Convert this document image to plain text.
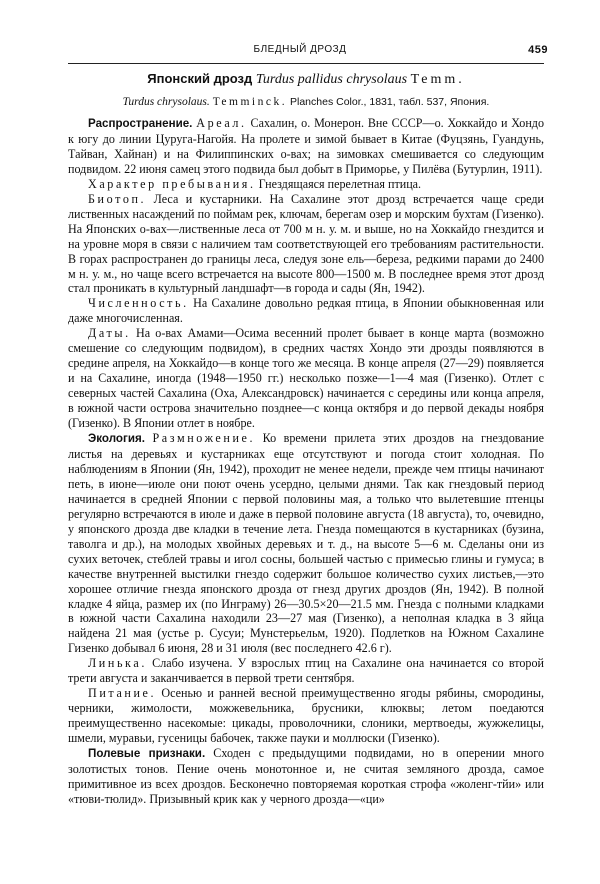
БЛЕДНЫЙ ДРОЗД	459
Японский дрозд Turdus pallidus chrysolaus Temm.
Turdus chrysolaus. Temminck. Planches Color., 1831, табл. 537, Япония.

Распространение. Ареал. Сахалин, о. Монерон. Вне СССР—о. Хоккайдо и Хондо к югу до линии Цуруга-Нагойя. На пролете и зимой бывает в Китае (Фуцзянь, Гуандунь, Тайван, Хайнан) и на Филиппинских о-вах; на зимовках смешивается со следующим подвидом. 22 июня самец этого подвида был добыт в Приморье, у Пилёва (Бутурлин, 1911).

Характер пребывания. Гнездящаяся перелетная птица.

Биотоп. Леса и кустарники. На Сахалине этот дрозд встречается чаще среди лиственных насаждений по поймам рек, ключам, берегам озер и морским бухтам (Гизенко). На Японских о-вах—лиственные леса от 700 м н. у. м. и выше, но на Хоккайдо гнездится и на уровне моря в связи с наличием там соответствующей его требованиям растительности. В горах распространен до границы леса, следуя зоне ель—береза, редкими парами до 2400 м н. у. м., но чаще всего встречается на высоте 800—1500 м. В последнее время этот дрозд стал проникать в культурный ландшафт—в города и сады (Ян, 1942).

Численность. На Сахалине довольно редкая птица, в Японии обыкновенная или даже многочисленная.

Даты. На о-вах Амами—Осима весенний пролет бывает в конце марта (возможно смешение со следующим подвидом), в средних частях Хондо эти дрозды появляются в средине апреля, на Хоккайдо—в конце того же месяца. В конце апреля (27—29) появляется и на Сахалине, иногда (1948—1950 гг.) несколько позже—1—4 мая (Гизенко). Отлет с северных частей Сахалина (Оха, Александровск) начинается с середины или конца апреля, в южной части острова значительно позднее—с конца октября и до первой декады ноября (Гизенко). В Японии отлет в ноябре.

Экология. Размножение. Ко времени прилета этих дроздов на гнездование листья на деревьях и кустарниках еще отсутствуют и погода стоит холодная. По наблюдениям в Японии (Ян, 1942), проходит не менее недели, прежде чем птицы начинают петь, в июне—июле они поют очень усердно, целыми днями. Так как гнездовый период начинается в средней Японии с первой половины мая, а только что вылетевшие птенцы регулярно встречаются в июле и даже в первой половине августа (18 августа), то, очевидно, у японского дрозда две кладки в течение лета. Гнезда помещаются в кустарниках (бузина, таволга и др.), на молодых хвойных деревьях и т. д., на высоте 5—6 м. Сделаны они из сухих веточек, стеблей травы и игол сосны, большей частью с примесью глины и гумуса; в качестве внутренней выстилки гнездо содержит большое количество сухих листьев,—это хорошее отличие гнезда японского дрозда от гнезд других дроздов (Ян, 1942). В полной кладке 4 яйца, размер их (по Инграму) 26—30.5×20—21.5 мм. Гнезда с полными кладками в южной части Сахалина находили 23—27 мая (Гизенко), а неполная кладка в 3 яйца найдена 21 мая (устье р. Сусуи; Мунстерьельм, 1920). Подлетков на Южном Сахалине Гизенко добывал 6 июня, 28 и 31 июля (вес последнего 42.6 г).

Линька. Слабо изучена. У взрослых птиц на Сахалине она начинается со второй трети августа и заканчивается в первой трети сентября.

Питание. Осенью и ранней весной преимущественно ягоды рябины, смородины, черники, жимолости, можжевельника, брусники, клюквы; летом поедаются преимущественно насекомые: цикады, проволочники, слоники, мертвоеды, жужжелицы, шмели, муравьи, гусеницы бабочек, также пауки и моллюски (Гизенко).

Полевые признаки. Сходен с предыдущими подвидами, но в оперении много золотистых тонов. Пение очень монотонное и, не считая земляного дрозда, самое примитивное из всех дроздов. Бесконечно повторяемая короткая строфа «жоленг-тйи» или «тюви-тюлид». Призывный крик как у черного дрозда—«ци»
